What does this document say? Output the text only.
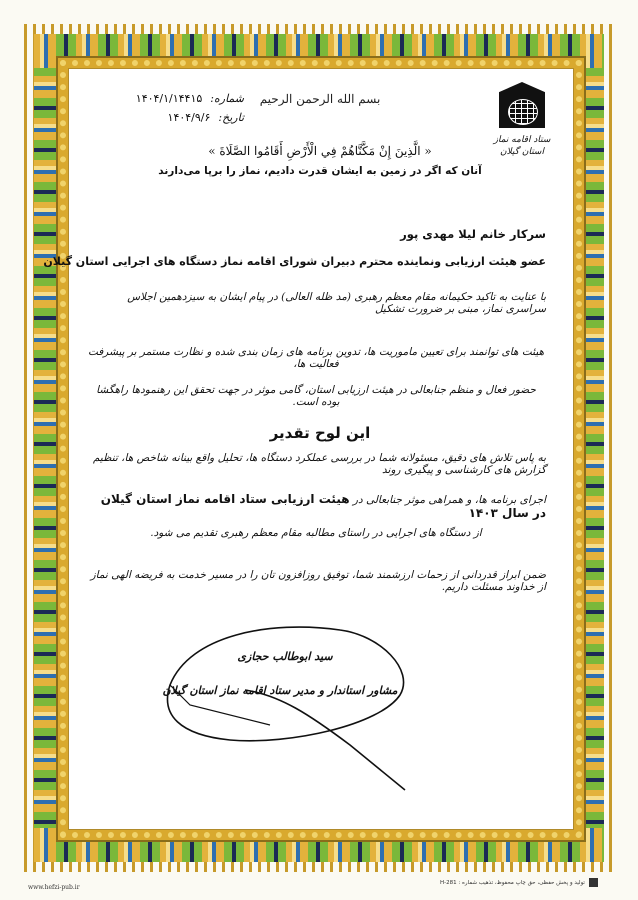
بسم الله الرحمن الرحیم
ستاد اقامه نماز
استان گیلان
شماره:
۱۴۰۴/۱/۱۴۴۱۵
تاریخ:
۱۴۰۴/۹/۶
« الَّذِينَ إِنْ مَكَّنَّاهُمْ فِي الْأَرْضِ أَقَامُوا الصَّلَاةَ »
آنان که اگر در زمین به ایشان قدرت دادیم، نماز را برپا می‌دارند
سرکار خانم لیلا مهدی پور
عضو هیئت ارزیابی ونماینده محترم دبیران شورای اقامه نماز دستگاه های اجرایی استان گیلان
با عنایت به تاکید حکیمانه مقام معظم رهبری (مد ظله العالی) در پیام ایشان به سیزدهمین اجلاس سراسری نماز، مبنی بر ضرورت تشکیل
هیئت های توانمند برای تعیین ماموریت ها، تدوین برنامه های زمان بندی شده و نظارت مستمر بر پیشرفت فعالیت ها،
حضور فعال و منظم جنابعالی در هیئت ارزیابی استان، گامی موثر در جهت تحقق این رهنمودها راهگشا بوده است.
این لوح تقدیر
به پاس تلاش های دقیق، مسئولانه شما در بررسی عملکرد دستگاه ها، تحلیل واقع بینانه شاخص ها، تنظیم گزارش های کارشناسی و پیگیری روند
اجرای برنامه ها، و همراهی موثر جنابعالی در هیئت ارزیابی ستاد اقامه نماز استان گیلان در سال ۱۴۰۳
از دستگاه های اجرایی در راستای مطالبه مقام معظم رهبری تقدیم می شود.
ضمن ابراز قدردانی از زحمات ارزشمند شما، توفیق روزافزون تان را در مسیر خدمت به فریضه الهی نماز از خداوند مسئلت داریم.
سید ابوطالب حجازی
مشاور استاندار و مدیر ستاد اقامه نماز استان گیلان
www.hefzi-pub.ir
تولید و پخش حفظی، حق چاپ محفوظ، تذهیب شماره : H-281
